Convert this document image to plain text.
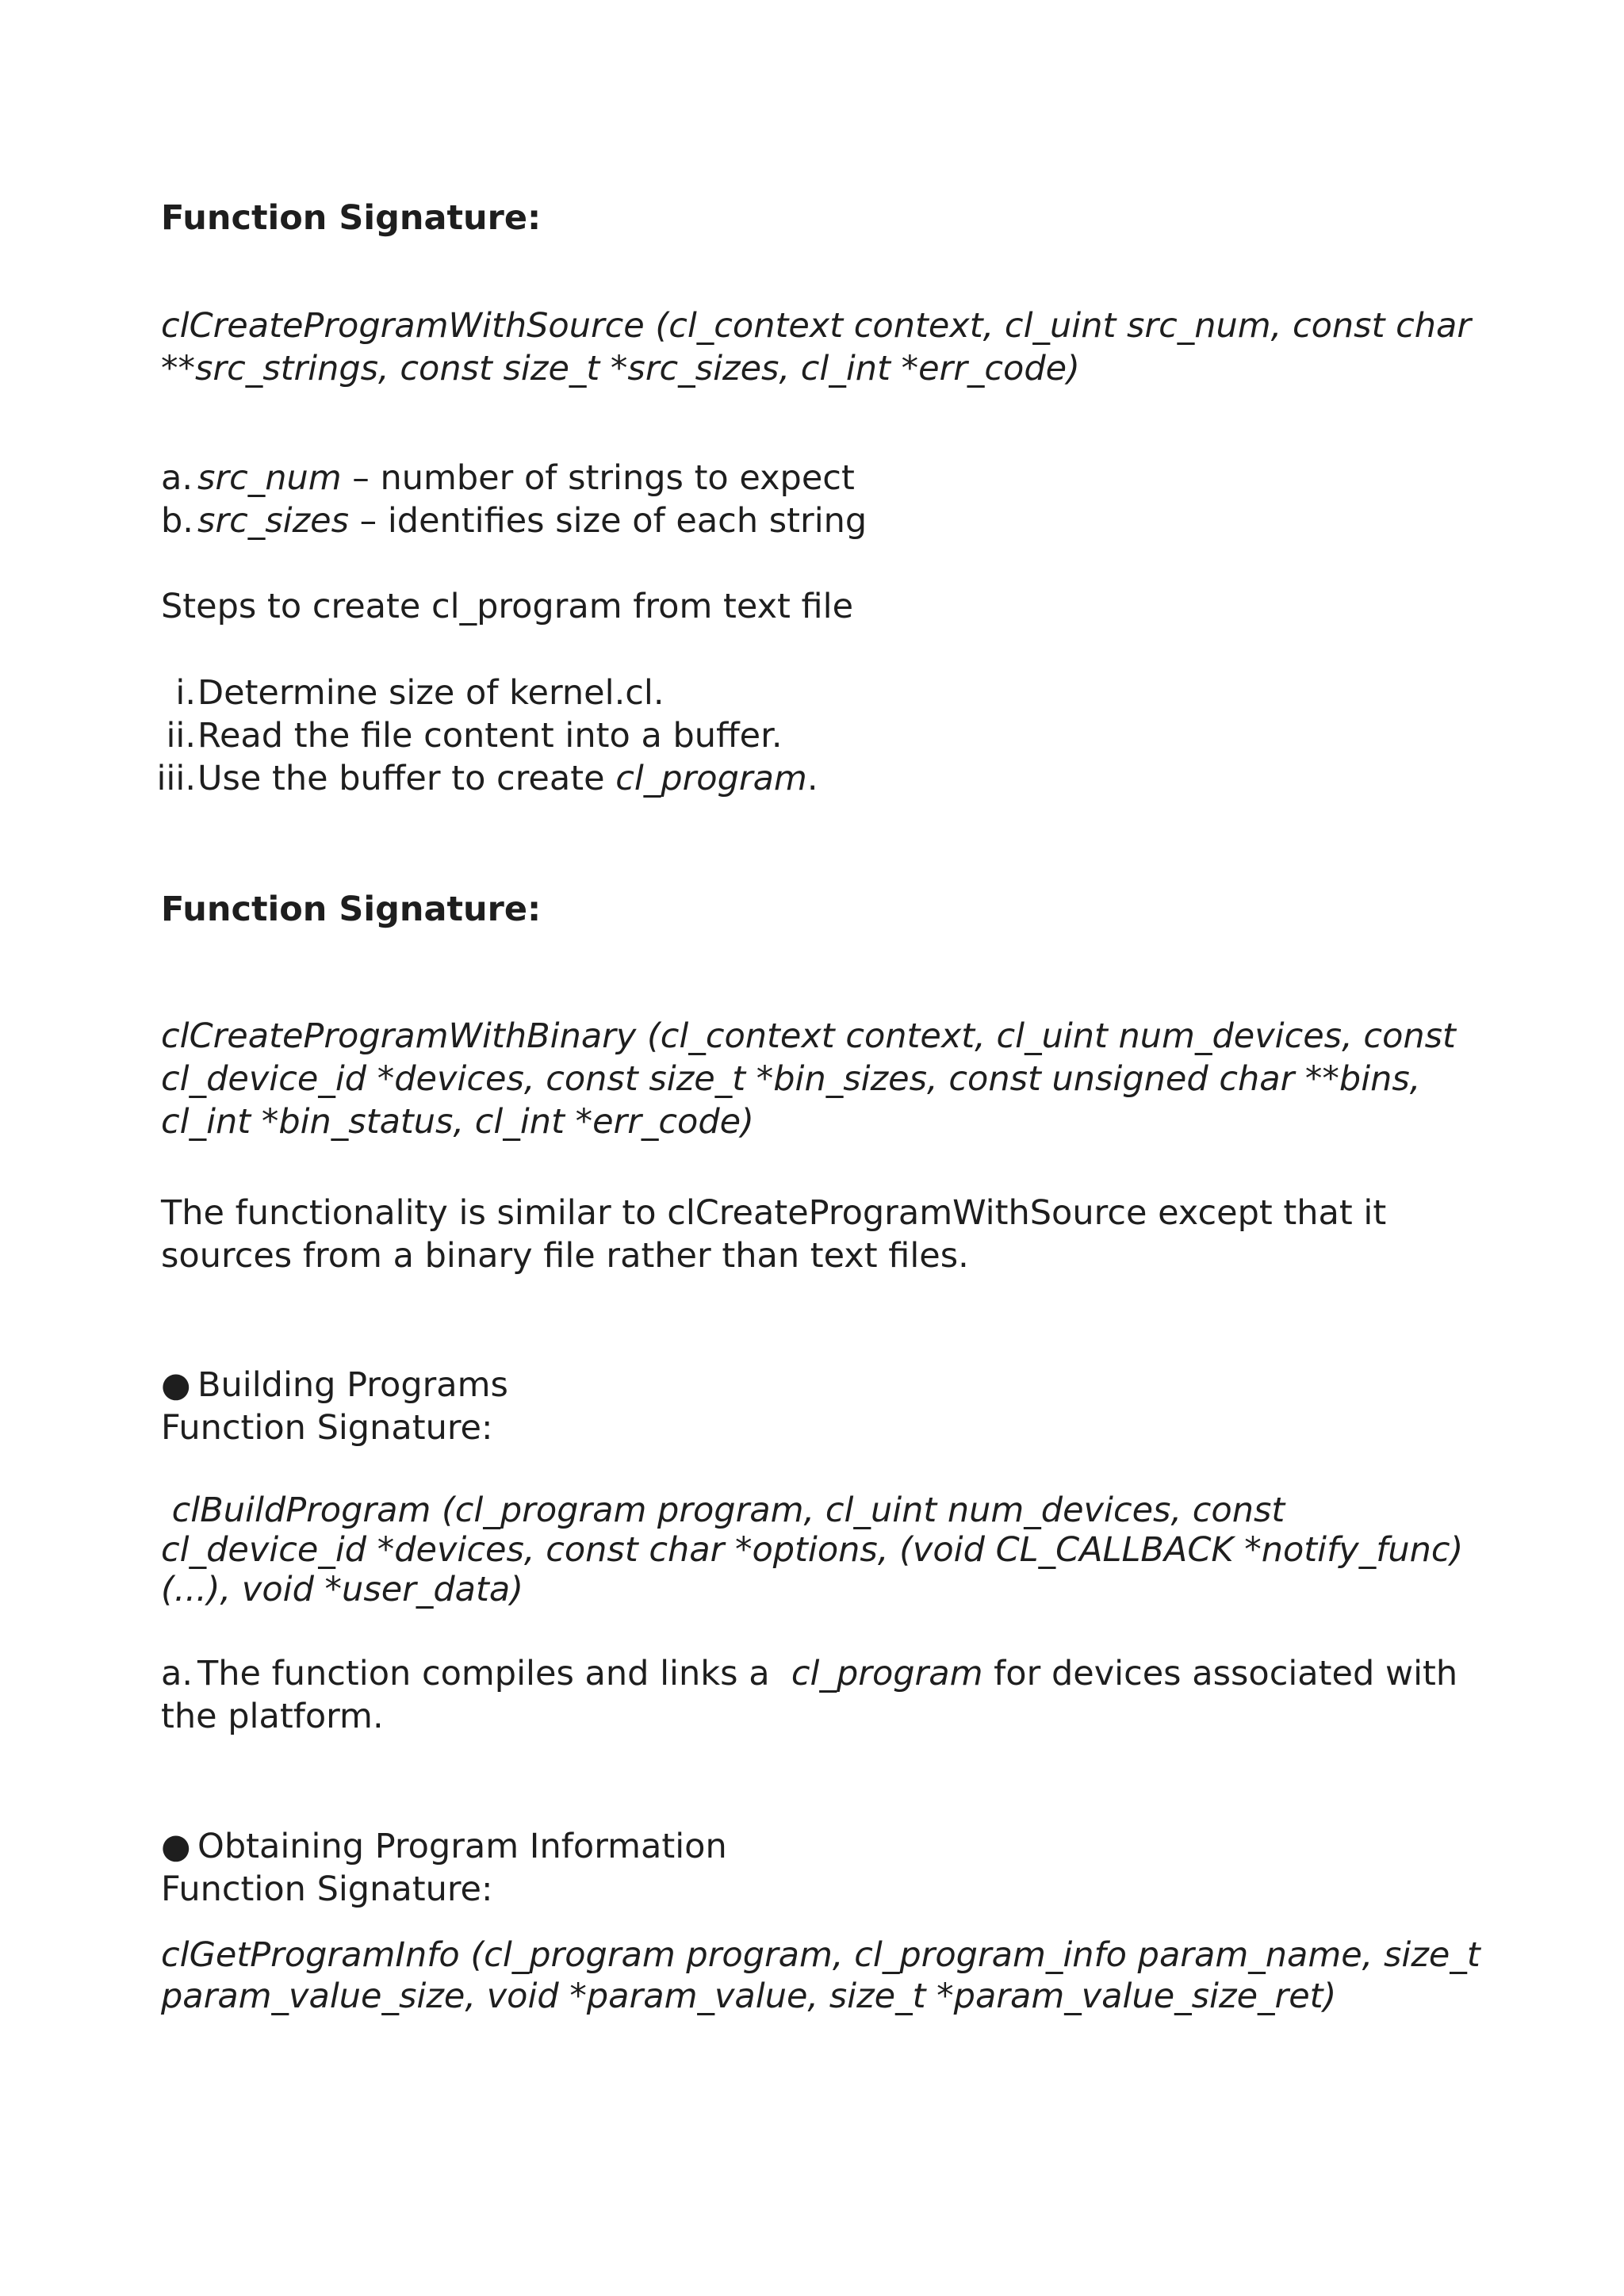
Function Signature:
clCreateProgramWithSource (cl_context context, cl_uint src_num, const char
**src_strings, const size_t *src_sizes, cl_int *err_code)
a. src_num – number of strings to expect
b. src_sizes – identifies size of each string
Steps to create cl_program from text file
i. Determine size of kernel.cl.
ii. Read the file content into a buffer.
iii. Use the buffer to create cl_program.
Function Signature:
clCreateProgramWithBinary (cl_context context, cl_uint num_devices, const
cl_device_id *devices, const size_t *bin_sizes, const unsigned char **bins,
cl_int *bin_status, cl_int *err_code)
The functionality is similar to clCreateProgramWithSource except that it
sources from a binary file rather than text files.
● Building Programs
Function Signature:
clBuildProgram (cl_program program, cl_uint num_devices, const
cl_device_id *devices, const char *options, (void CL_CALLBACK *notify_func)
(...), void *user_data)
a. The function compiles and links a  cl_program for devices associated with
the platform.
● Obtaining Program Information
Function Signature:
clGetProgramInfo (cl_program program, cl_program_info param_name, size_t
param_value_size, void *param_value, size_t *param_value_size_ret)
